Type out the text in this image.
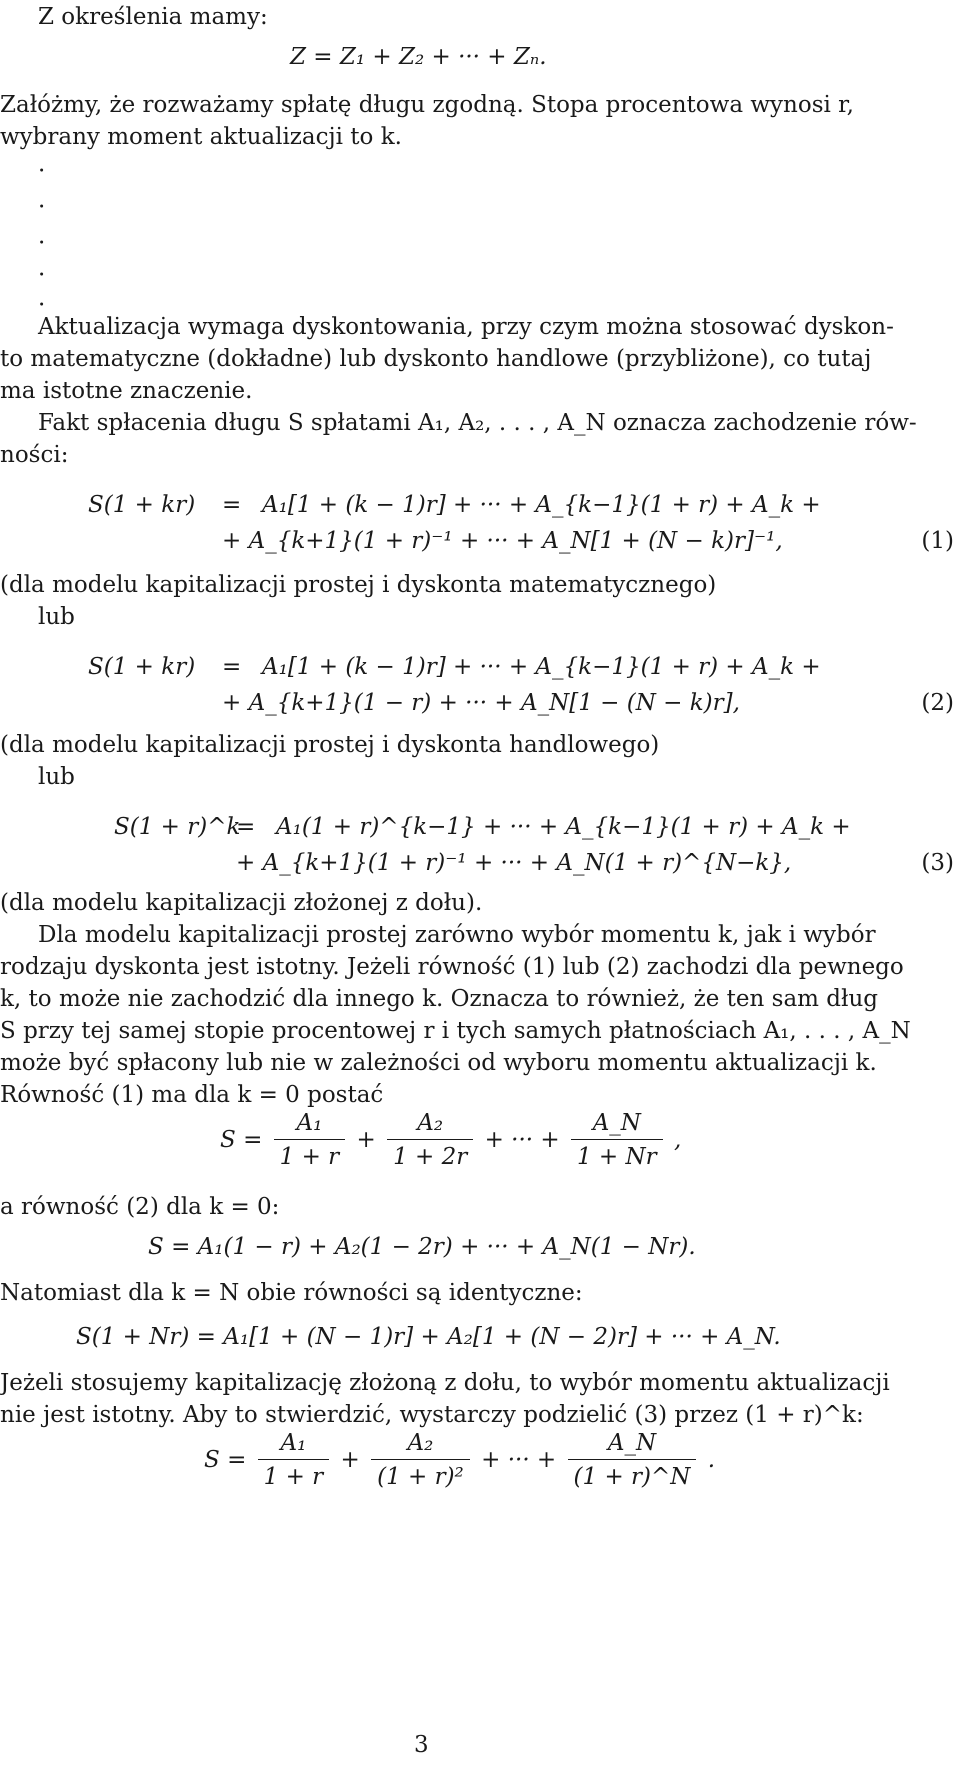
Z określenia mamy:
Z = Z₁ + Z₂ + ··· + Zₙ.
Załóżmy, że rozważamy spłatę długu zgodną. Stopa procentowa wynosi r,
wybrany moment aktualizacji to k.
·
·
·
·
·
Aktualizacja wymaga dyskontowania, przy czym można stosować dyskon-
to matematyczne (dokładne) lub dyskonto handlowe (przybliżone), co tutaj
ma istotne znaczenie.
Fakt spłacenia długu S spłatami A₁, A₂, . . . , A_N oznacza zachodzenie rów-
ności:
S(1 + kr) = A₁[1 + (k − 1)r] + ··· + A_{k−1}(1 + r) + A_k +
+ A_{k+1}(1 + r)⁻¹ + ··· + A_N[1 + (N − k)r]⁻¹,	(1)
(dla modelu kapitalizacji prostej i dyskonta matematycznego)
lub
S(1 + kr) = A₁[1 + (k − 1)r] + ··· + A_{k−1}(1 + r) + A_k +
+ A_{k+1}(1 − r) + ··· + A_N[1 − (N − k)r],	(2)
(dla modelu kapitalizacji prostej i dyskonta handlowego)
lub
S(1 + r)^k
= A₁(1 + r)^{k−1} + ··· + A_{k−1}(1 + r) + A_k +
+ A_{k+1}(1 + r)⁻¹ + ··· + A_N(1 + r)^{N−k},	(3)
(dla modelu kapitalizacji złożonej z dołu).
Dla modelu kapitalizacji prostej zarówno wybór momentu k, jak i wybór
rodzaju dyskonta jest istotny. Jeżeli równość (1) lub (2) zachodzi dla pewnego
k, to może nie zachodzić dla innego k. Oznacza to również, że ten sam dług
S przy tej samej stopie procentowej r i tych samych płatnościach A₁, . . . , A_N
może być spłacony lub nie w zależności od wyboru momentu aktualizacji k.
Równość (1) ma dla k = 0 postać
$S = \frac{\text{A₁}}{1 + r} + \frac{\text{A₂}}{1 + 2r}$ + ··· + $\frac{A\_N}{1 + Nr}$ ,
a równość (2) dla k = 0:
S = A₁(1 − r) + A₂(1 − 2r) + ··· + A_N(1 − Nr).
Natomiast dla k = N obie równości są identyczne:
S(1 + Nr) = A₁[1 + (N − 1)r] + A₂[1 + (N − 2)r] + ··· + A_N.
Jeżeli stosujemy kapitalizację złożoną z dołu, to wybór momentu aktualizacji
nie jest istotny. Aby to stwierdzić, wystarczy podzielić (3) przez (1 + r)^k:
$S = \frac{\text{A₁}}{1 + r} + \frac{\text{A₂}}{\text{(1 + r)²}}$ + ··· + $\frac{A\_N}{(1 + r)\^{}N}$ .
3
